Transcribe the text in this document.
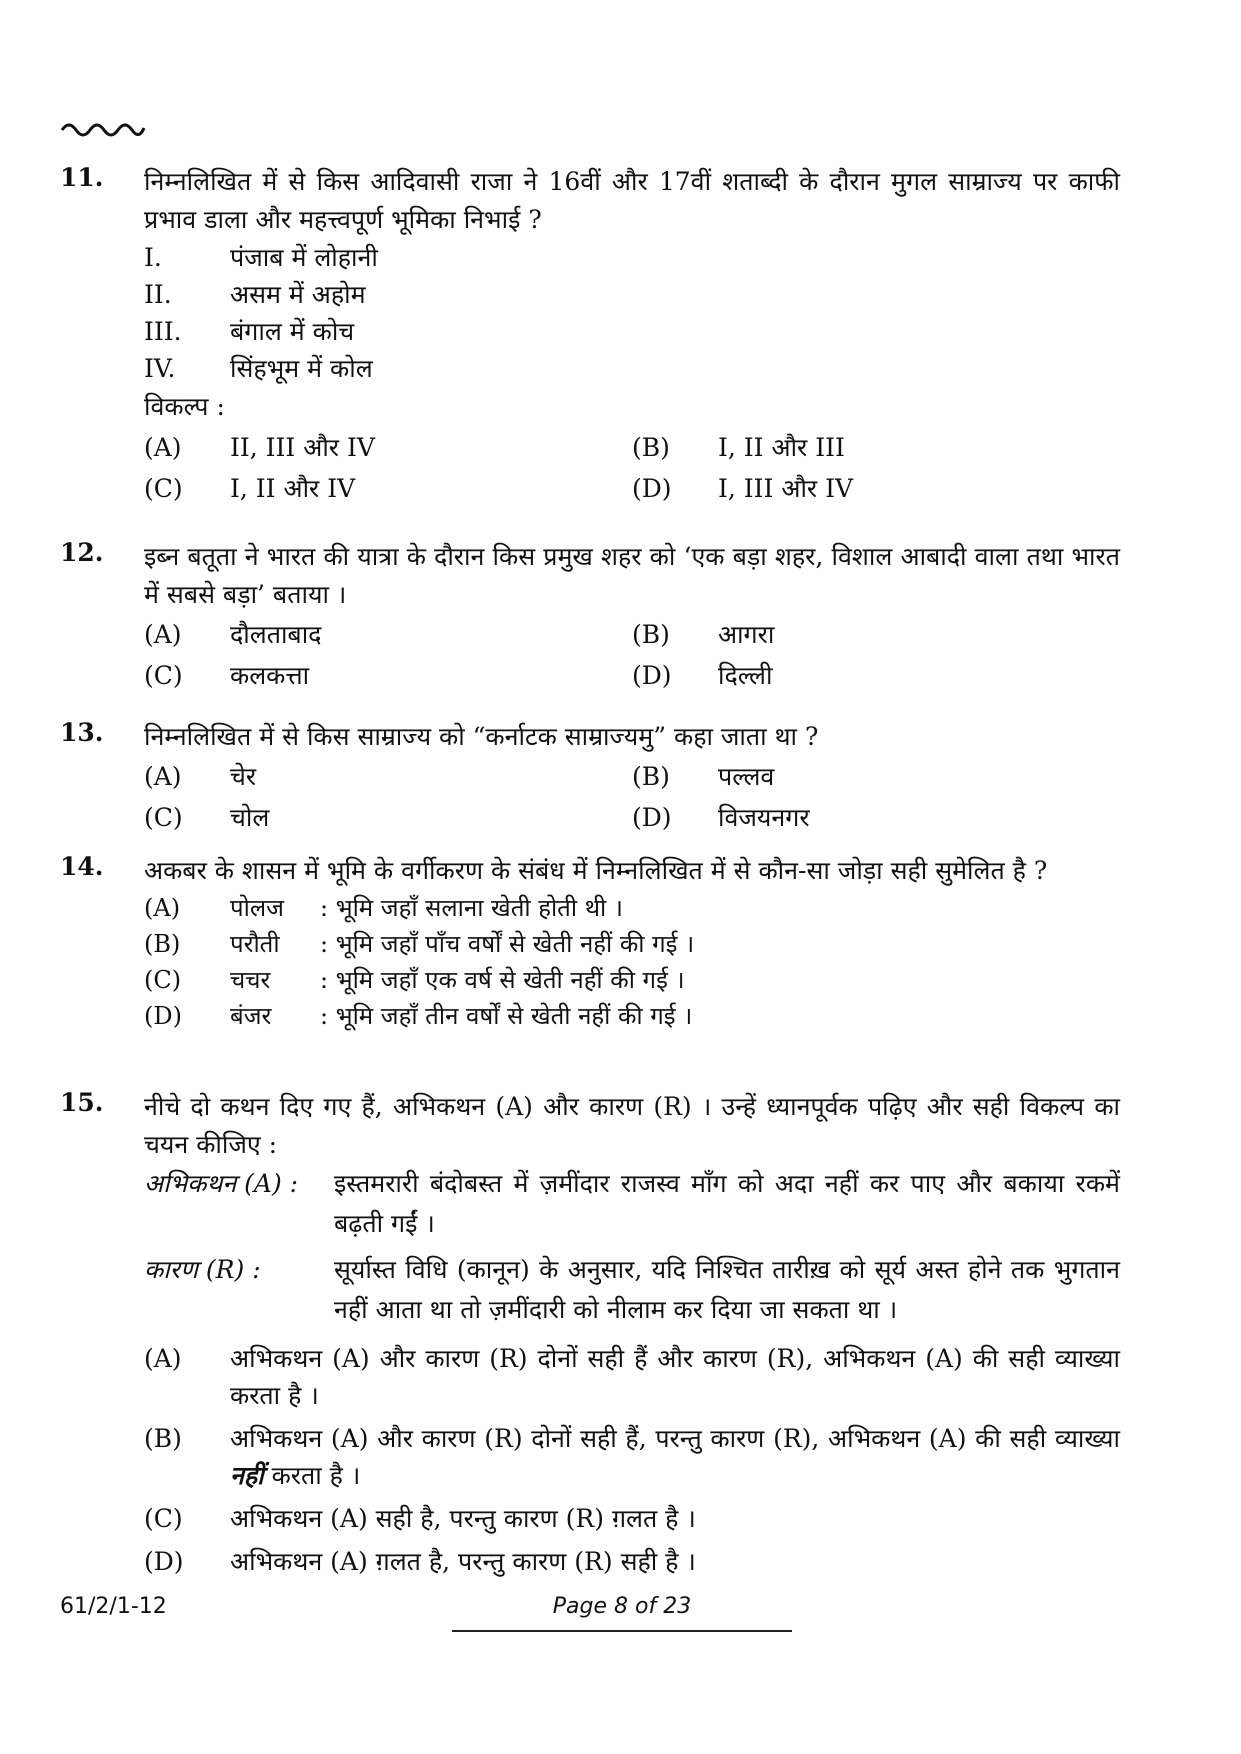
11. निम्नलिखित में से किस आदिवासी राजा ने 16वीं और 17वीं शताब्दी के दौरान मुगल साम्राज्य पर काफी प्रभाव डाला और महत्त्वपूर्ण भूमिका निभाई ?
I.	पंजाब में लोहानी
II.	असम में अहोम
III.	बंगाल में कोच
IV.	सिंहभूम में कोल
विकल्प :
(A)	II, III और IV	(B)	I, II और III
(C)	I, II और IV	(D)	I, III और IV
12. इब्न बतूता ने भारत की यात्रा के दौरान किस प्रमुख शहर को ‘एक बड़ा शहर, विशाल आबादी वाला तथा भारत में सबसे बड़ा’ बताया ।
(A)	दौलताबाद	(B)	आगरा
(C)	कलकत्ता	(D)	दिल्ली
13. निम्नलिखित में से किस साम्राज्य को “कर्नाटक साम्राज्यमु” कहा जाता था ?
(A)	चेर	(B)	पल्लव
(C)	चोल	(D)	विजयनगर
14. अकबर के शासन में भूमि के वर्गीकरण के संबंध में निम्नलिखित में से कौन-सा जोड़ा सही सुमेलित है ?
(A)	पोलज	: भूमि जहाँ सलाना खेती होती थी ।
(B)	परौती	: भूमि जहाँ पाँच वर्षों से खेती नहीं की गई ।
(C)	चचर	: भूमि जहाँ एक वर्ष से खेती नहीं की गई ।
(D)	बंजर	: भूमि जहाँ तीन वर्षों से खेती नहीं की गई ।
15. नीचे दो कथन दिए गए हैं, अभिकथन (A) और कारण (R) । उन्हें ध्यानपूर्वक पढ़िए और सही विकल्प का चयन कीजिए :
अभिकथन (A) :	इस्तमरारी बंदोबस्त में ज़मींदार राजस्व माँग को अदा नहीं कर पाए और बकाया रकमें बढ़ती गईं ।
कारण (R) :	सूर्यास्त विधि (कानून) के अनुसार, यदि निश्चित तारीख़ को सूर्य अस्त होने तक भुगतान नहीं आता था तो ज़मींदारी को नीलाम कर दिया जा सकता था ।
(A)	अभिकथन (A) और कारण (R) दोनों सही हैं और कारण (R), अभिकथन (A) की सही व्याख्या करता है ।
(B)	अभिकथन (A) और कारण (R) दोनों सही हैं, परन्तु कारण (R), अभिकथन (A) की सही व्याख्या नहीं करता है ।
(C)	अभिकथन (A) सही है, परन्तु कारण (R) ग़लत है ।
(D)	अभिकथन (A) ग़लत है, परन्तु कारण (R) सही है ।
61/2/1-12	Page 8 of 23
